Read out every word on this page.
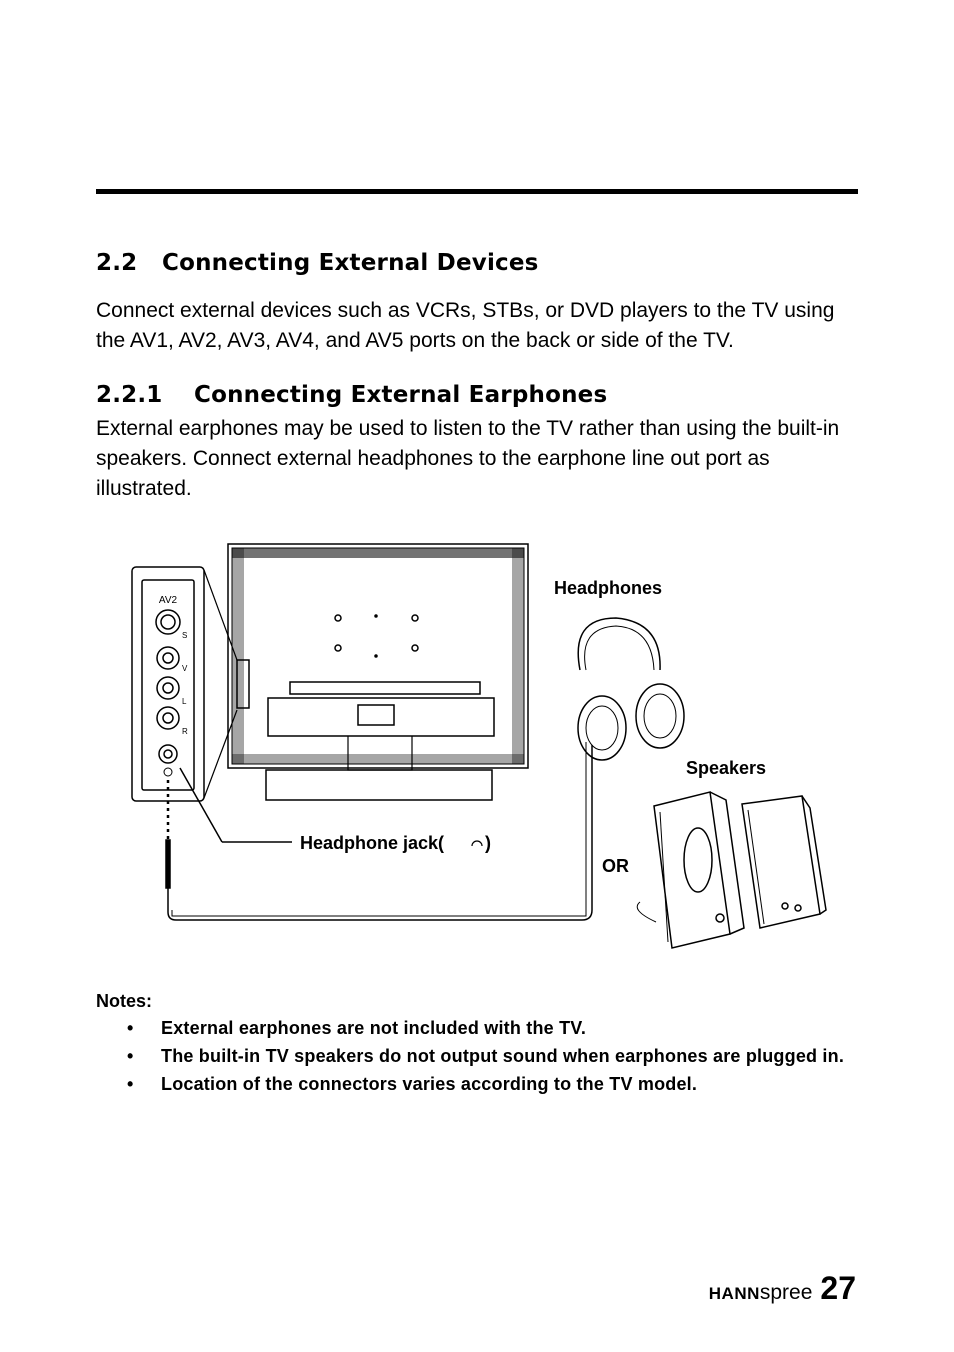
2.2 Connecting External Devices

Connect external devices such as VCRs, STBs, or DVD players to the TV using the AV1, AV2, AV3, AV4, and AV5 ports on the back or side of the TV.

2.2.1 Connecting External Earphones

External earphones may be used to listen to the TV rather than using the built-in speakers. Connect external headphones to the earphone line out port as illustrated.

AV2
S
V
L
R
Headphone jack( )
Headphones
Speakers
OR
Notes:
• External earphones are not included with the TV.
• The built-in TV speakers do not output sound when earphones are plugged in.
• Location of the connectors varies according to the TV model.
HANNspree 27
